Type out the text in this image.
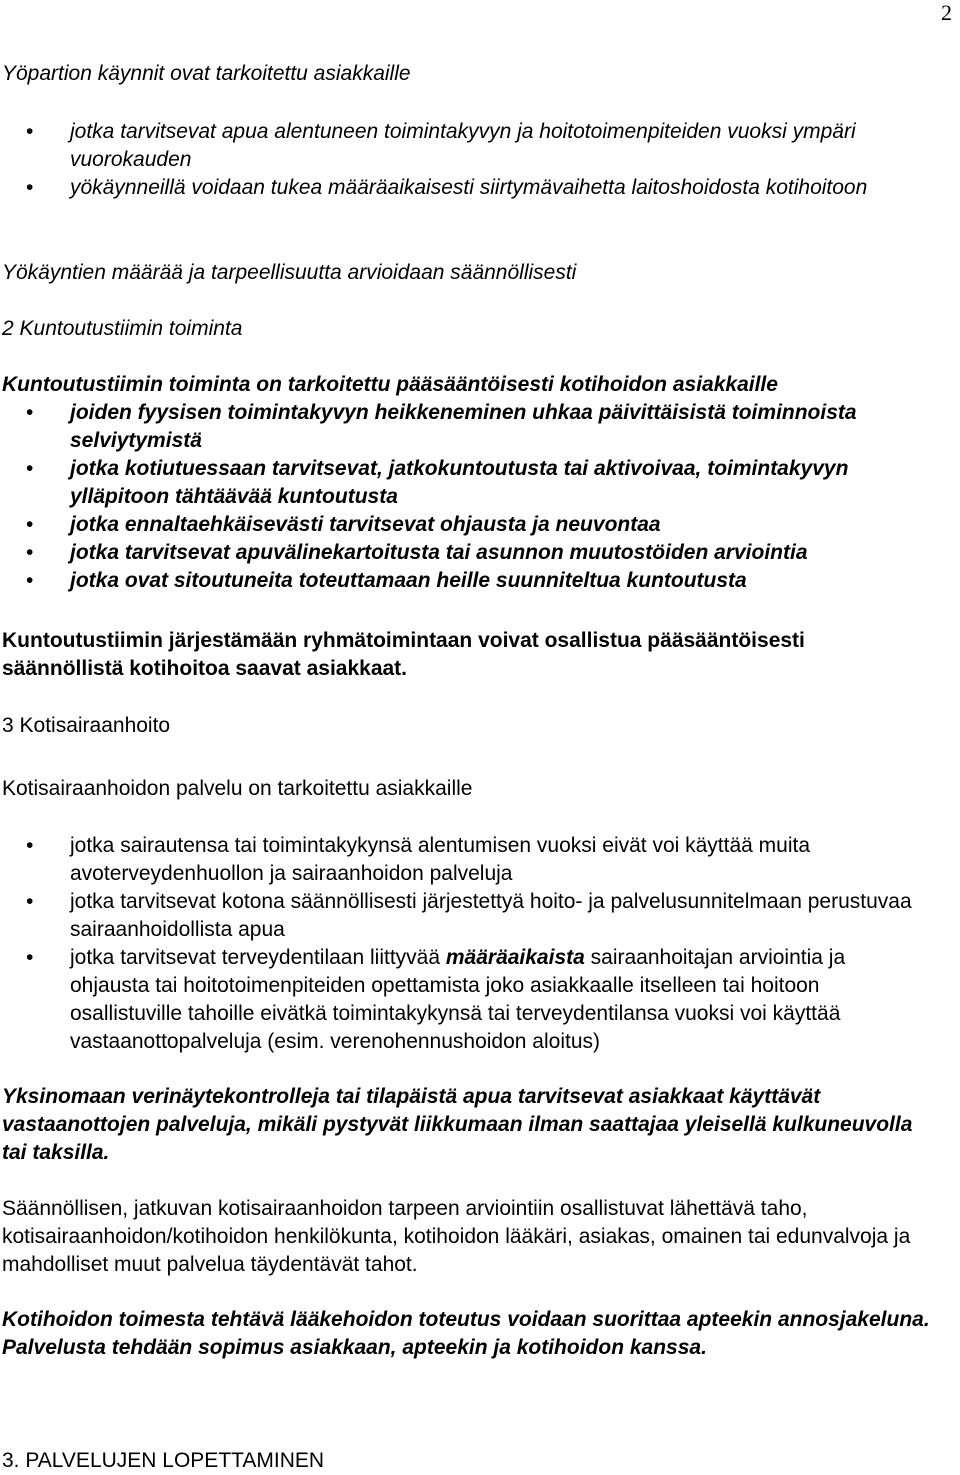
2

Yöpartion käynnit ovat tarkoitettu asiakkaille

• jotka tarvitsevat apua alentuneen toimintakyvyn ja hoitotoimenpiteiden vuoksi ympäri vuorokauden
• yökäynneillä voidaan tukea määräaikaisesti siirtymävaihetta laitoshoidosta kotihoitoon

Yökäyntien määrää ja tarpeellisuutta arvioidaan säännöllisesti

2 Kuntoutustiimin toiminta

Kuntoutustiimin toiminta on tarkoitettu pääsääntöisesti kotihoidon asiakkaille

• joiden fyysisen toimintakyvyn heikkeneminen uhkaa päivittäisistä toiminnoista selviytymistä
• jotka kotiutuessaan tarvitsevat, jatkokuntoutusta tai aktivoivaa, toimintakyvyn ylläpitoon tähtäävää kuntoutusta
• jotka ennaltaehkäisevästi tarvitsevat ohjausta ja neuvontaa
• jotka tarvitsevat apuvälinekartoitusta tai asunnon muutostöiden arviointia
• jotka ovat sitoutuneita toteuttamaan heille suunniteltua kuntoutusta

Kuntoutustiimin järjestämään ryhmätoimintaan voivat osallistua pääsääntöisesti säännöllistä kotihoitoa saavat asiakkaat.

3 Kotisairaanhoito

Kotisairaanhoidon palvelu on tarkoitettu asiakkaille

• jotka sairautensa tai toimintakykynsä alentumisen vuoksi eivät voi käyttää muita avoterveydenhuollon ja sairaanhoidon palveluja
• jotka tarvitsevat kotona säännöllisesti järjestettyä hoito- ja palvelusunnitelmaan perustuvaa sairaanhoidollista apua
• jotka tarvitsevat terveydentilaan liittyvää määräaikaista sairaanhoitajan arviointia ja ohjausta tai hoitotoimenpiteiden opettamista joko asiakkaalle itselleen tai hoitoon osallistuville tahoille eivätkä toimintakykynsä tai terveydentilansa vuoksi voi käyttää vastaanottopalveluja (esim. verenohennushoidon aloitus)

Yksinomaan verinäytekontrolleja tai tilapäistä apua tarvitsevat asiakkaat käyttävät vastaanottojen palveluja, mikäli pystyvät liikkumaan ilman saattajaa yleisellä kulkuneuvolla tai taksilla.

Säännöllisen, jatkuvan kotisairaanhoidon tarpeen arviointiin osallistuvat lähettävä taho, kotisairaanhoidon/kotihoidon henkilökunta, kotihoidon lääkäri, asiakas, omainen tai edunvalvoja ja mahdolliset muut palvelua täydentävät tahot.

Kotihoidon toimesta tehtävä lääkehoidon toteutus voidaan suorittaa apteekin annosjakeluna. Palvelusta tehdään sopimus asiakkaan, apteekin ja kotihoidon kanssa.

3. PALVELUJEN LOPETTAMINEN
